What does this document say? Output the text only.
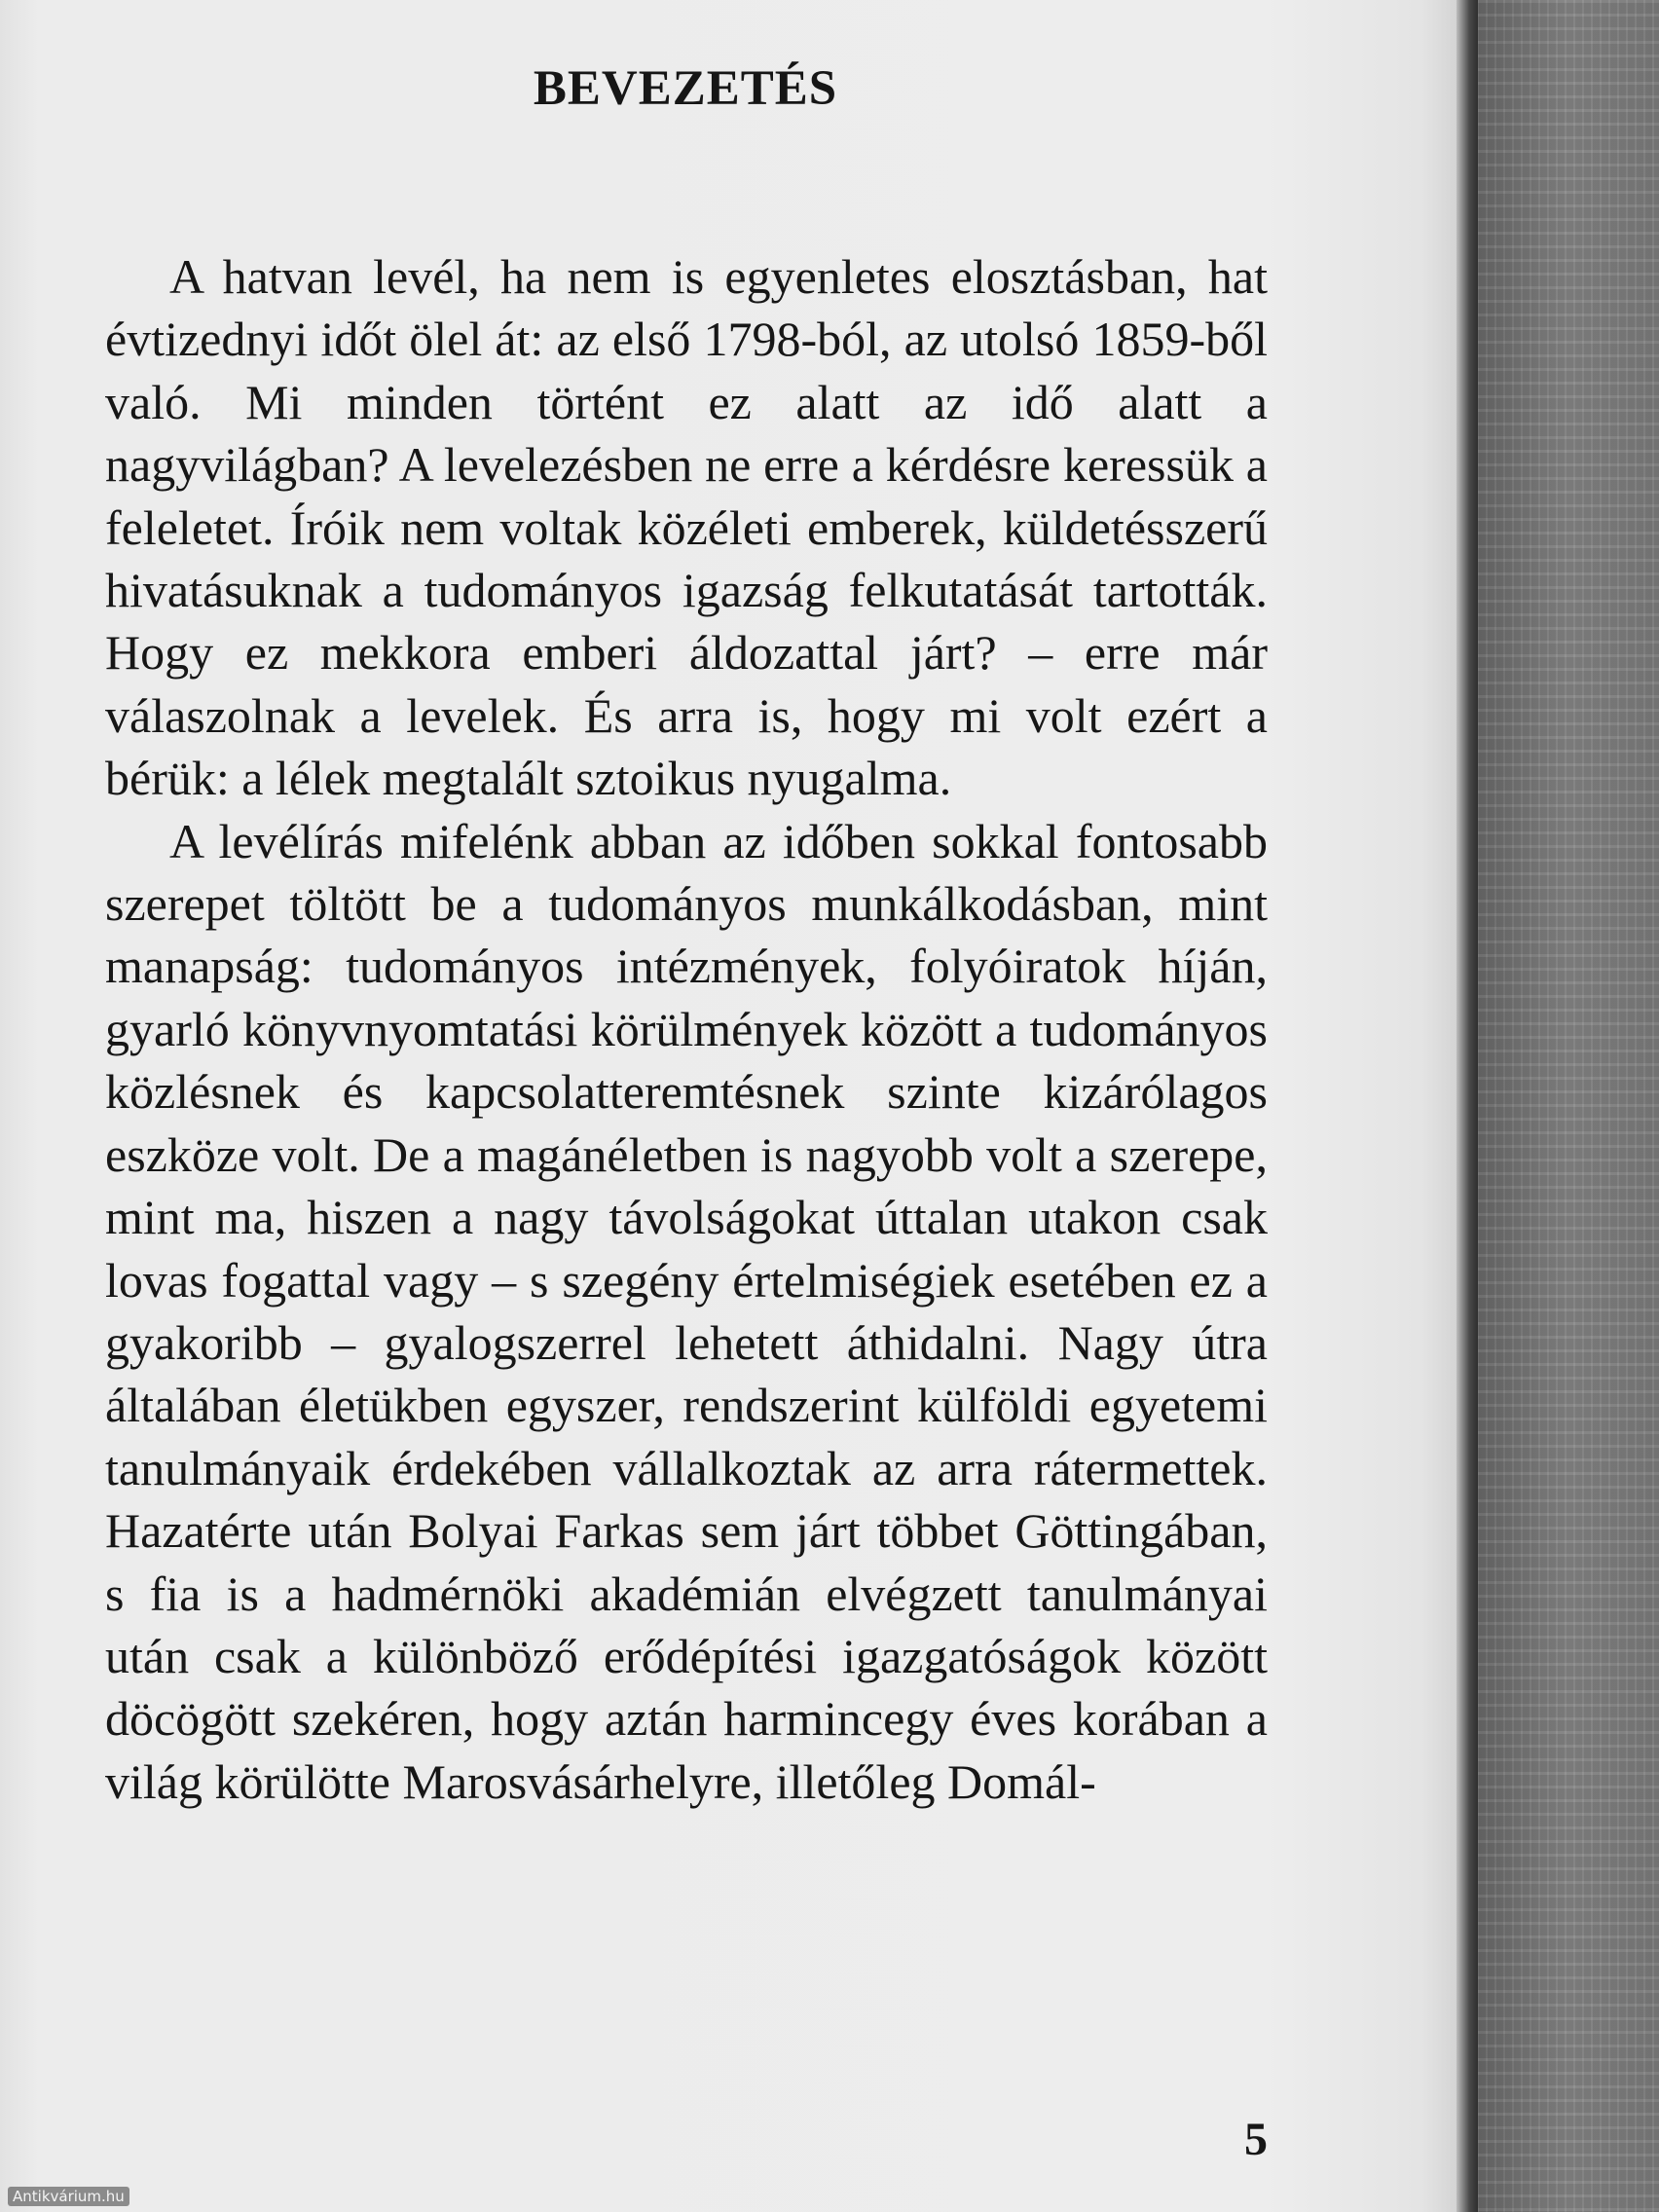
BEVEZETÉS

A hatvan levél, ha nem is egyenletes elosztásban, hat évtizednyi időt ölel át: az első 1798-ból, az utolsó 1859-ből való. Mi minden történt ez alatt az idő alatt a nagyvilágban? A levelezésben ne erre a kérdésre keressük a feleletet. Íróik nem voltak közéleti emberek, küldetésszerű hivatásuknak a tudományos igazság felkutatását tartották. Hogy ez mekkora emberi áldozattal járt? – erre már válaszolnak a levelek. És arra is, hogy mi volt ezért a bérük: a lélek megtalált sztoikus nyugalma.

A levélírás mifelénk abban az időben sokkal fontosabb szerepet töltött be a tudományos munkálkodásban, mint manapság: tudományos intézmények, folyóiratok híján, gyarló könyvnyomtatási körülmények között a tudományos közlésnek és kapcsolatteremtésnek szinte kizárólagos eszköze volt. De a magánéletben is nagyobb volt a szerepe, mint ma, hiszen a nagy távolságokat úttalan utakon csak lovas fogattal vagy – s szegény értelmiségiek esetében ez a gyakoribb – gyalogszerrel lehetett áthidalni. Nagy útra általában életükben egyszer, rendszerint külföldi egyetemi tanulmányaik érdekében vállalkoztak az arra rátermettek. Hazatérte után Bolyai Farkas sem járt többet Göttingában, s fia is a hadmérnöki akadémián elvégzett tanulmányai után csak a különböző erődépítési igazgatóságok között döcögött szekéren, hogy aztán harmincegy éves korában a világ körülötte Marosvásárhelyre, illetőleg Domál-

5
Antikvárium.hu
